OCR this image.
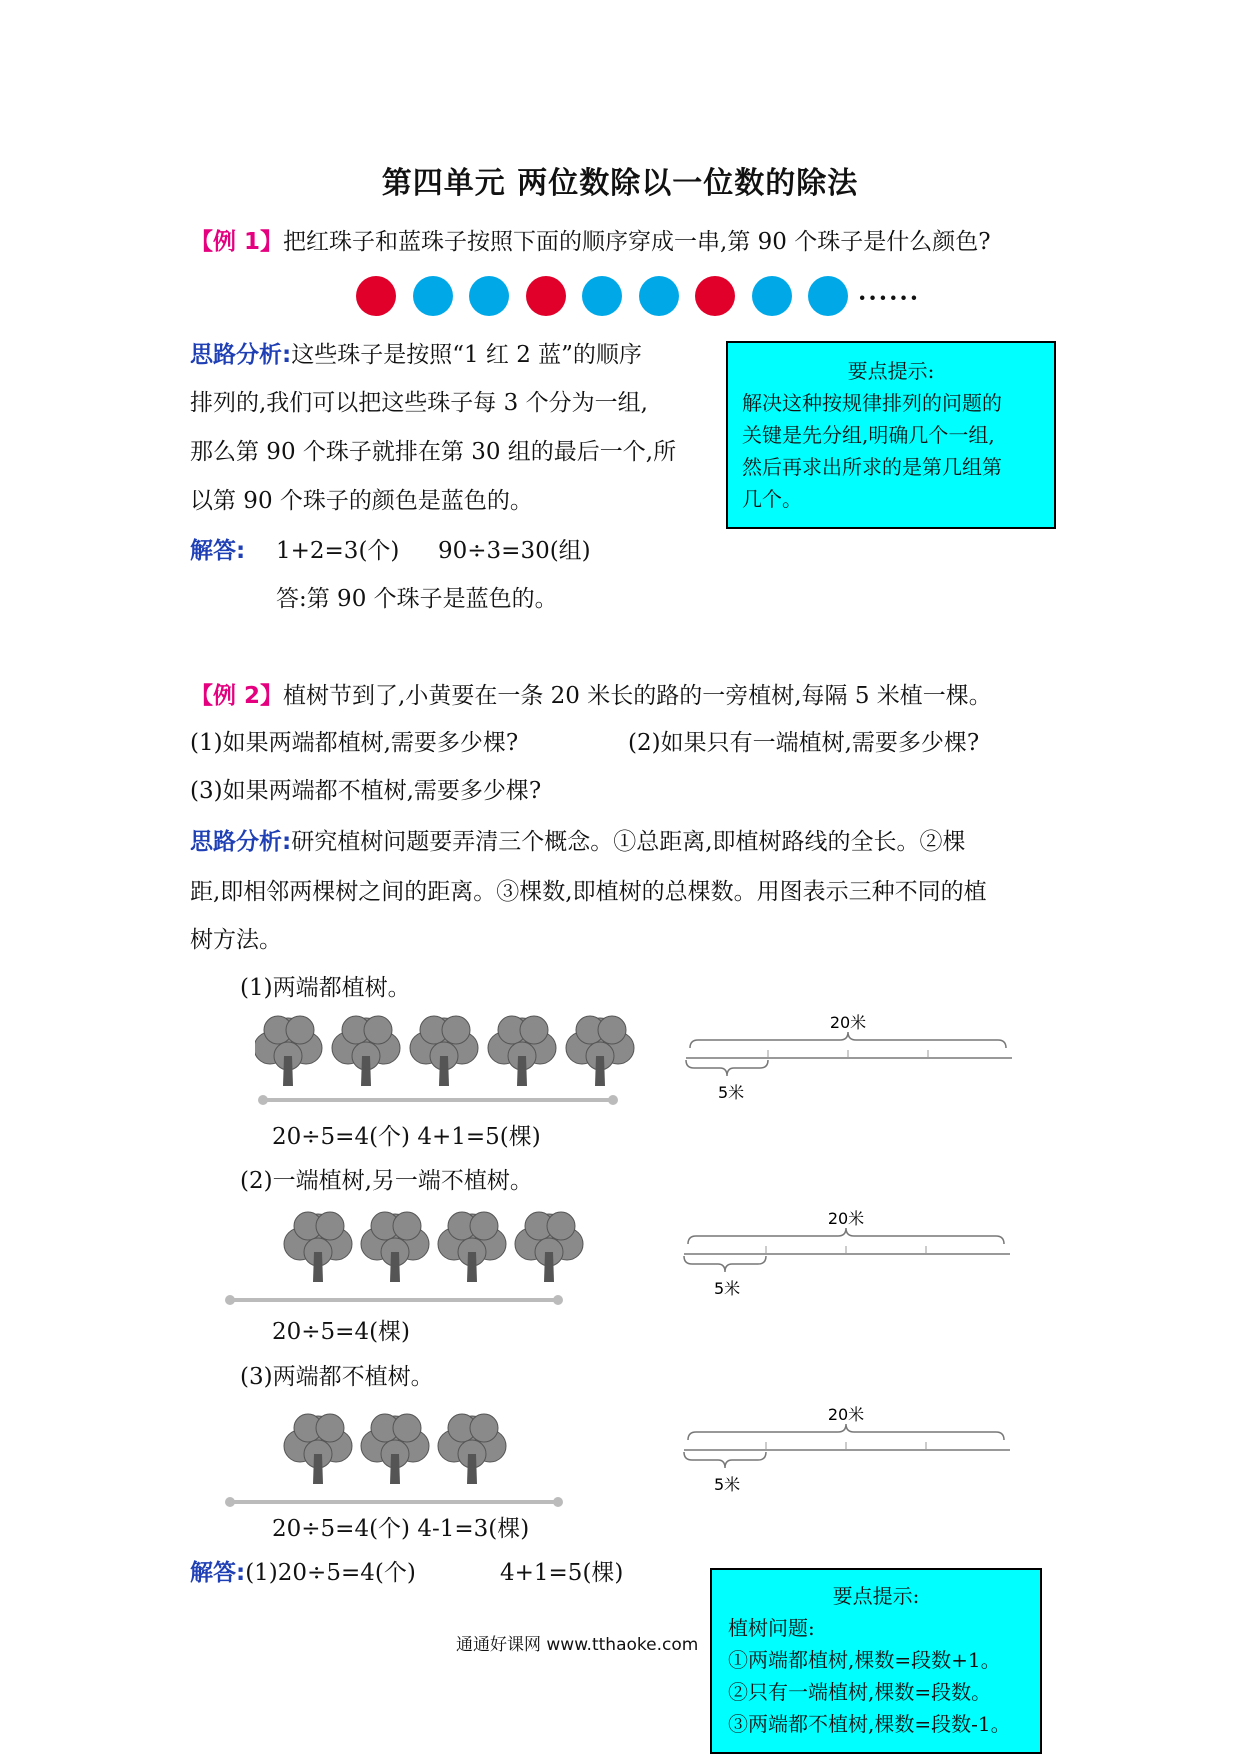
第四单元 两位数除以一位数的除法
【例 1】把红珠子和蓝珠子按照下面的顺序穿成一串,第 90 个珠子是什么颜色?
······
思路分析:这些珠子是按照“1 红 2 蓝”的顺序
排列的,我们可以把这些珠子每 3 个分为一组,
那么第 90 个珠子就排在第 30 组的最后一个,所
以第 90 个珠子的颜色是蓝色的。
要点提示:
解决这种按规律排列的问题的
关键是先分组,明确几个一组,
然后再求出所求的是第几组第
几个。
解答: 1+2=3(个) 90÷3=30(组)
答:第 90 个珠子是蓝色的。
【例 2】植树节到了,小黄要在一条 20 米长的路的一旁植树,每隔 5 米植一棵。
(1)如果两端都植树,需要多少棵?	(2)如果只有一端植树,需要多少棵?
(3)如果两端都不植树,需要多少棵?
思路分析:研究植树问题要弄清三个概念。①总距离,即植树路线的全长。②棵
距,即相邻两棵树之间的距离。③棵数,即植树的总棵数。用图表示三种不同的植
树方法。
(1)两端都植树。
20米
5米
20÷5=4(个) 4+1=5(棵)
(2)一端植树,另一端不植树。
20米
5米
20÷5=4(棵)
(3)两端都不植树。
20米
5米
20÷5=4(个) 4-1=3(棵)
解答:(1)20÷5=4(个)	4+1=5(棵)
要点提示:
植树问题:
①两端都植树,棵数=段数+1。
②只有一端植树,棵数=段数。
③两端都不植树,棵数=段数-1。
通通好课网 www.tthaoke.com
